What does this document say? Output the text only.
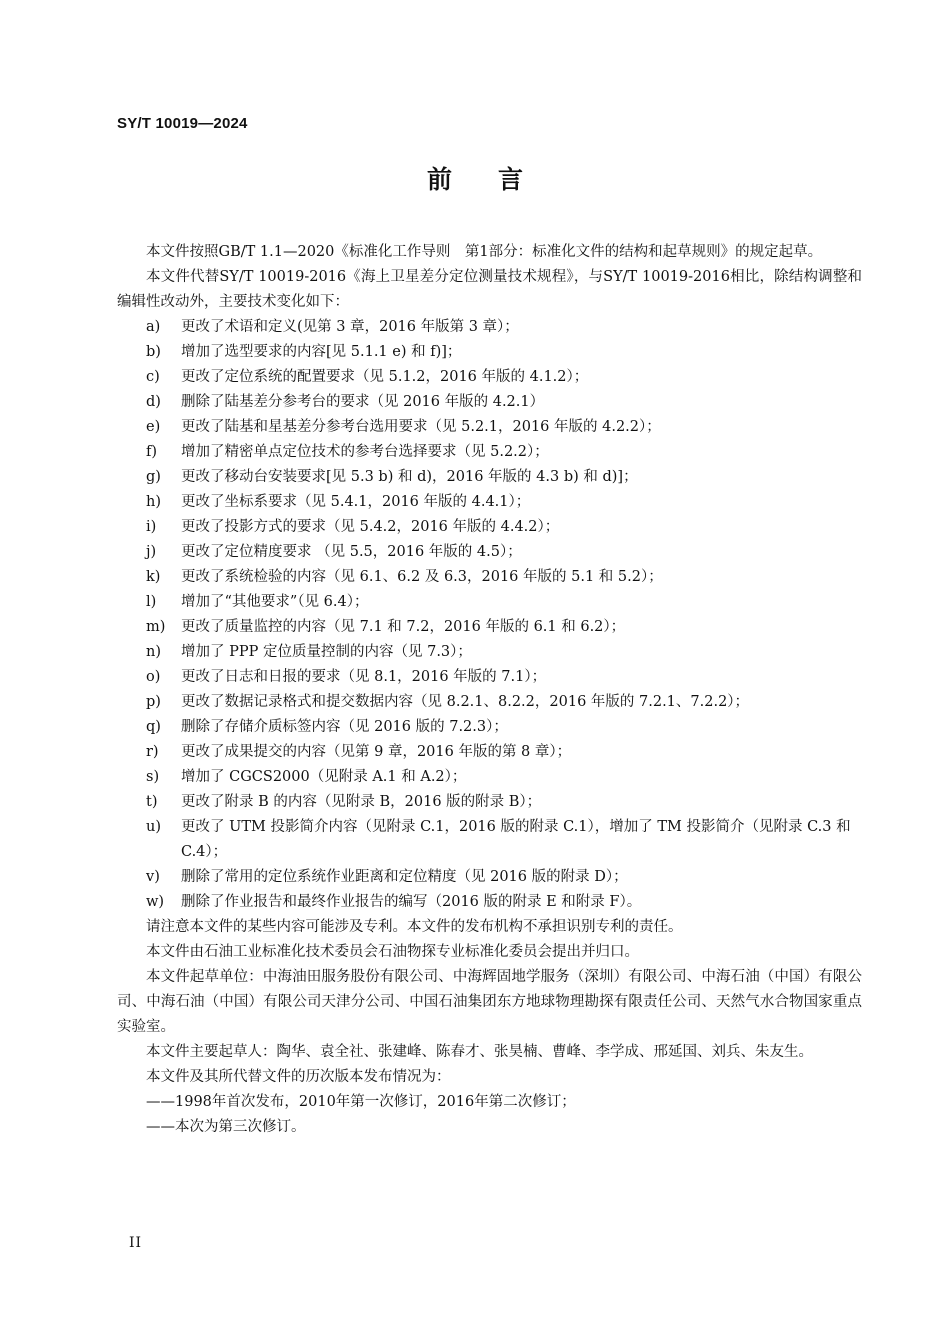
SY/T 10019—2024
前言

本文件按照GB/T 1.1—2020《标准化工作导则　第1部分：标准化文件的结构和起草规则》的规定起草。

本文件代替SY/T 10019-2016《海上卫星差分定位测量技术规程》，与SY/T 10019-2016相比，除结构调整和编辑性改动外，主要技术变化如下：

a) 更改了术语和定义(见第 3 章，2016 年版第 3 章）；

b) 增加了选型要求的内容[见 5.1.1 e) 和 f)]；

c) 更改了定位系统的配置要求（见 5.1.2，2016 年版的 4.1.2）；

d) 删除了陆基差分参考台的要求（见 2016 年版的 4.2.1）

e) 更改了陆基和星基差分参考台选用要求（见 5.2.1，2016 年版的 4.2.2）；

f) 增加了精密单点定位技术的参考台选择要求（见 5.2.2）；

g) 更改了移动台安装要求[见 5.3 b) 和 d)，2016 年版的 4.3 b) 和 d)]；

h) 更改了坐标系要求（见 5.4.1，2016 年版的 4.4.1）；

i) 更改了投影方式的要求（见 5.4.2，2016 年版的 4.4.2）；

j) 更改了定位精度要求 （见 5.5，2016 年版的 4.5）；

k) 更改了系统检验的内容（见 6.1、6.2 及 6.3，2016 年版的 5.1 和 5.2）；

l) 增加了“其他要求”（见 6.4）；

m) 更改了质量监控的内容（见 7.1 和 7.2，2016 年版的 6.1 和 6.2）；

n) 增加了 PPP 定位质量控制的内容（见 7.3）；

o) 更改了日志和日报的要求（见 8.1，2016 年版的 7.1）；

p) 更改了数据记录格式和提交数据内容（见 8.2.1、8.2.2，2016 年版的 7.2.1、7.2.2）；

q) 删除了存储介质标签内容（见 2016 版的 7.2.3）；

r) 更改了成果提交的内容（见第 9 章，2016 年版的第 8 章）；

s) 增加了 CGCS2000（见附录 A.1 和 A.2）；

t) 更改了附录 B 的内容（见附录 B，2016 版的附录 B）；

u) 更改了 UTM 投影简介内容（见附录 C.1，2016 版的附录 C.1），增加了 TM 投影简介（见附录 C.3 和 C.4）；

v) 删除了常用的定位系统作业距离和定位精度（见 2016 版的附录 D）；

w) 删除了作业报告和最终作业报告的编写（2016 版的附录 E 和附录 F）。

请注意本文件的某些内容可能涉及专利。本文件的发布机构不承担识别专利的责任。

本文件由石油工业标准化技术委员会石油物探专业标准化委员会提出并归口。

本文件起草单位：中海油田服务股份有限公司、中海辉固地学服务（深圳）有限公司、中海石油（中国）有限公司、中海石油（中国）有限公司天津分公司、中国石油集团东方地球物理勘探有限责任公司、天然气水合物国家重点实验室。

本文件主要起草人：陶华、袁全社、张建峰、陈春才、张昊楠、曹峰、李学成、邢延国、刘兵、朱友生。

本文件及其所代替文件的历次版本发布情况为：

——1998年首次发布，2010年第一次修订，2016年第二次修订；

——本次为第三次修订。

II
